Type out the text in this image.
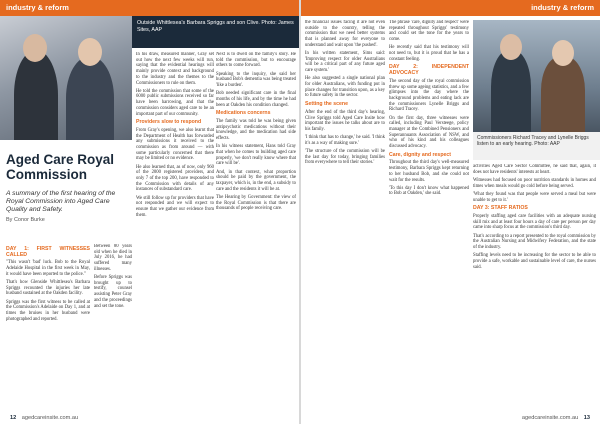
industry & reform
Outside Whittlesea's Barbara Spriggs and son Clive. Photo: James Sites, AAP
Aged Care Royal Commission
A summary of the first hearing of the Royal Commission into Aged Care Quality and Safety.
By Conor Burke
DAY 1: FIRST WITNESSES CALLED

"This wasn't 'bad' luck. Bob to the Royal Adelaide Hospital in the first week in May, it would have been reported to the police."

That's how Glenside Whittlesea's Barbara Spriggs recounted the injuries her late husband sustained at the Oakden facility.

Spriggs was the first witness to be called at the Commission's Adelaide on Day 1, and at times the bruises in her husband were photographed and reported.

Between 80 years old when he died in July 2016, he had suffered many illnesses.

Before Spriggs was brought up to testify, counsel assisting Peter Gray and the proceedings and set the tone.

In his draw, measured manner, Gray set out how the next few weeks will run, saying that the evidential hearings will mainly provide context and background to the industry and the themes to the Commissioners to rule on them.

He told the commission that some of the 6000 public submissions received so far have been harrowing, and that the commission considers aged care to be an important part of our community.

Providers slow to respond

From Gray's opening, we also learnt that the Department of Health has forwarded any submissions it received to the commission as from around — with some particularly concerned that there may be limited or no evidence.

He also learned that, as of now, only 960 of the 2000 registered providers, and only 7 of the top 200, have responded to the Commission with details of any instances of substandard care.

We still follow up for providers that have not responded and we will expect to ensure that we gather our evidence from them.

Next is to dwell on the family's story. He told the commission, but to encourage others to come forward.

Speaking to the inquiry, she said her husband Bob's dementia was being treated 'like a burden'.

Bob needed significant care in the final months of his life, and by the time he had been at Oakden his condition changed.

Medications concerns

The family was told he was being given antipsychotic medications without their knowledge, and the medication had side effects.

In his witness statement, Hans told Gray that when he comes to building aged care properly, 'we don't really know where that care will be'.

And, in that context, what proportion should be paid by the government, the taxpayer, which is, in the end, a subsidy to care and the residents it will be at.

The Hearing by Government: the view of the Royal Commission is that there are thousands of people receiving care.

12 agedcareinsite.com.au
industry & reform

the financial issues facing it are not even outside to the country, telling the commission that we need better systems that is planned away for everyone to understand and wait upon 'the pushed'.

In his written statement, Sims said: 'Improving respect for older Australians will be a critical part of any future aged care system.'

He also suggested a single national plan for older Australians, with funding put in place changes for transition upon, as a key to future safety in the sector.

Setting the scene

After the end of the third day's hearing, Clive Spriggs told Aged Care Insite how important the issues he talks about are to his family.

'I think that has to change,' he said. 'I think it's as a way of making sure.'

'The structure of the commission will be the last day for today, bringing families from everywhere to tell their stories.'

The phrase 'care, dignity and respect' were repeated throughout Spriggs' testimony and could set the tone for the years to come.

He recently said that his testimony will not need to, but it is proud that he has a constant feeling.

DAY 2: INDEPENDENT ADVOCACY

The second day of the royal commission threw up some ageing statistics, and a few glimpses into the day where the background problems and eating lack are the commissioners Lynelle Briggs and Richard Tracey.

On the first day, three witnesses were called, including Paul Versteege, policy manager at the Combined Pensioners and Superannuants Association of NSW, and who of his kind and his colleagues discussed advocacy.

Care, dignity and respect

Throughout the third day's well-measured testimony, Barbara Spriggs kept returning to her husband Bob, and she could not wait for the results.

'To this day I don't know what happened to Bob at Oakden,' she said.

Commissioners Richard Tracey and Lynelle Briggs listen to an early hearing. Photo: AAP

activities Aged Care Sector Committee, he said that, again, it does not have residents' interests at heart.

Witnesses had focused on poor nutrition standards in homes and times when meals would go cold before being served.

'What they found was that people were served a meal but were unable to get to it.'

DAY 3: STAFF RATIOS

Properly staffing aged care facilities with an adequate nursing skill mix and at least four hours a day of care per person per day came into sharp focus at the commission's third day.

That's according to a report presented to the royal commission by the Australian Nursing and Midwifery Federation, and the state of the industry.

Staffing levels need to be increasing for the sector to be able to provide a safe, workable and sustainable level of care, the nurses said.

agedcareinsite.com.au 13
